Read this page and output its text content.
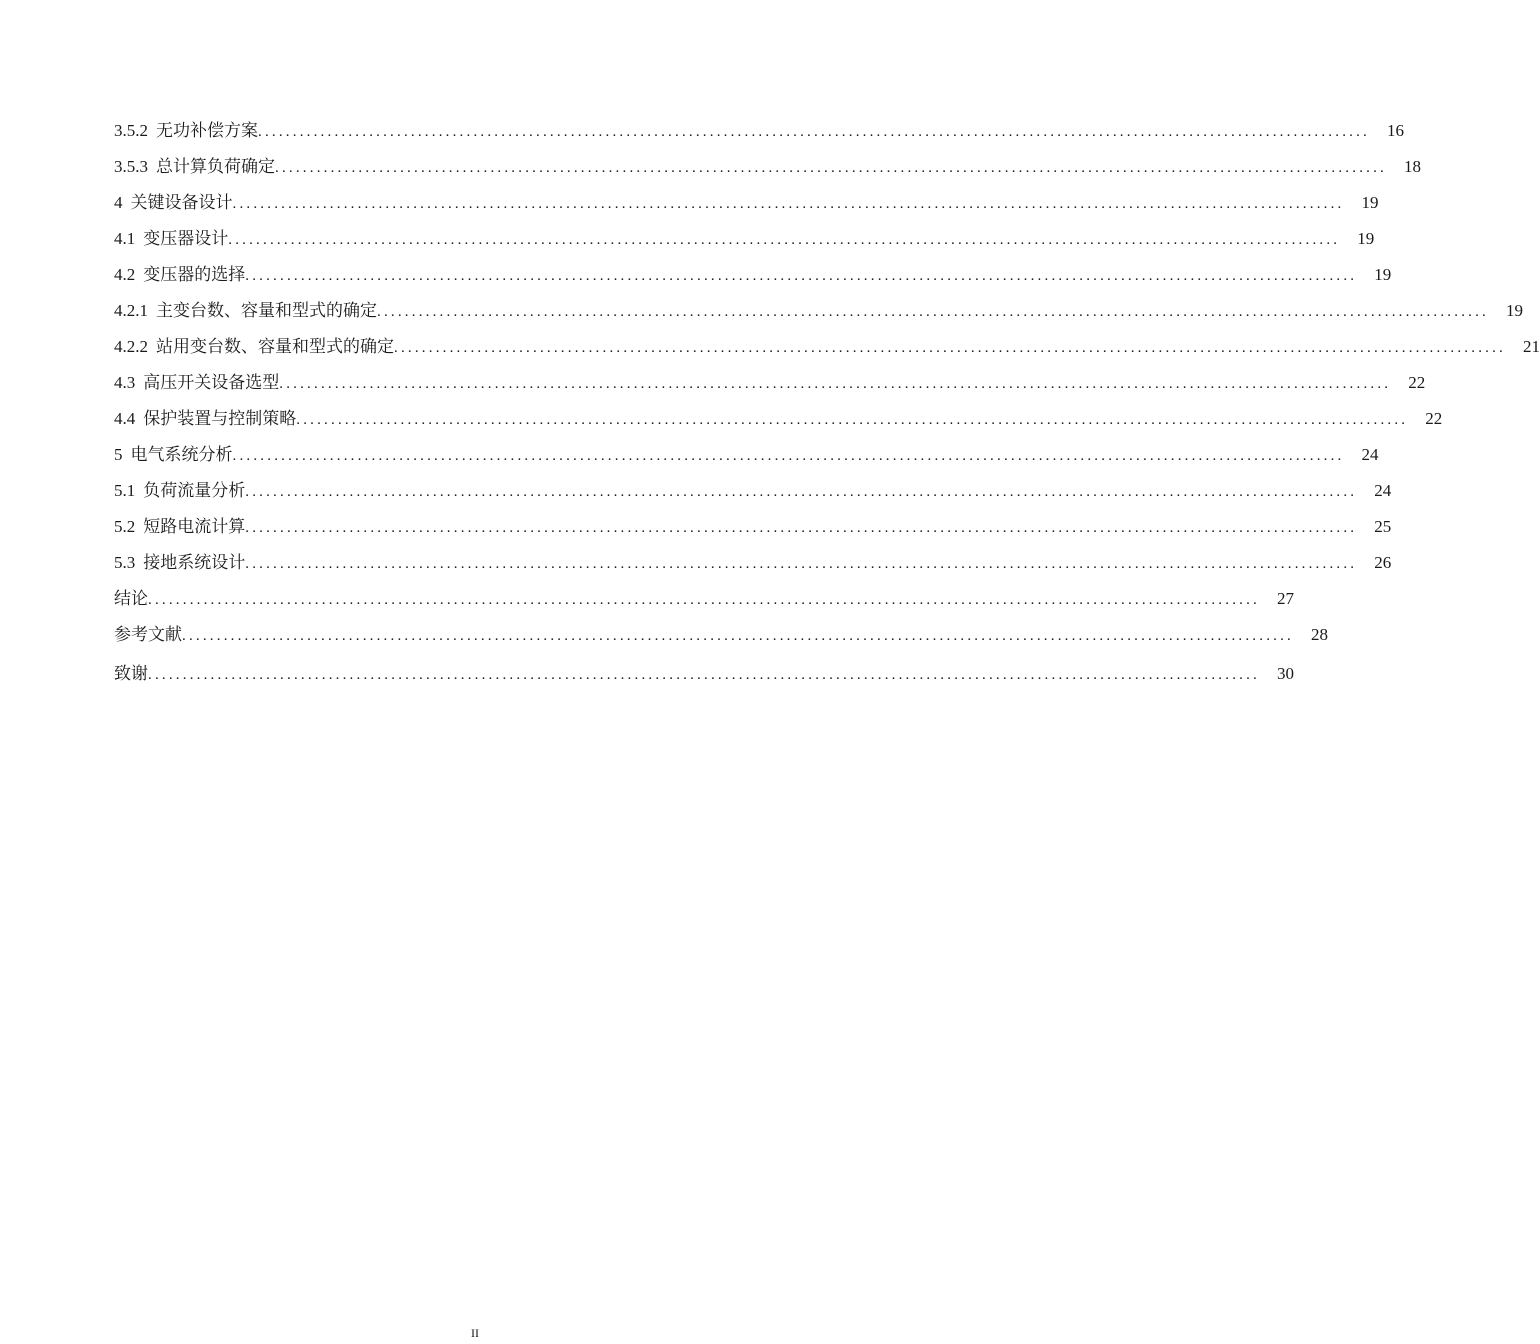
3.5.2 无功补偿方案 ................................................................................................................................................................ 16
3.5.3 总计算负荷确定 ................................................................................................................................................................ 18
4 关键设备设计 ................................................................................................................................................................ 19
4.1 变压器设计 ................................................................................................................................................................ 19
4.2 变压器的选择 ................................................................................................................................................................ 19
4.2.1 主变台数、容量和型式的确定 ................................................................................................................................................................ 19
4.2.2 站用变台数、容量和型式的确定 ................................................................................................................................................................ 21
4.3 高压开关设备选型 ................................................................................................................................................................ 22
4.4 保护装置与控制策略 ................................................................................................................................................................ 22
5 电气系统分析 ................................................................................................................................................................ 24
5.1 负荷流量分析 ................................................................................................................................................................ 24
5.2 短路电流计算 ................................................................................................................................................................ 25
5.3 接地系统设计 ................................................................................................................................................................ 26
结论 ................................................................................................................................................................ 27
参考文献 ................................................................................................................................................................ 28
致谢 ................................................................................................................................................................ 30
II
